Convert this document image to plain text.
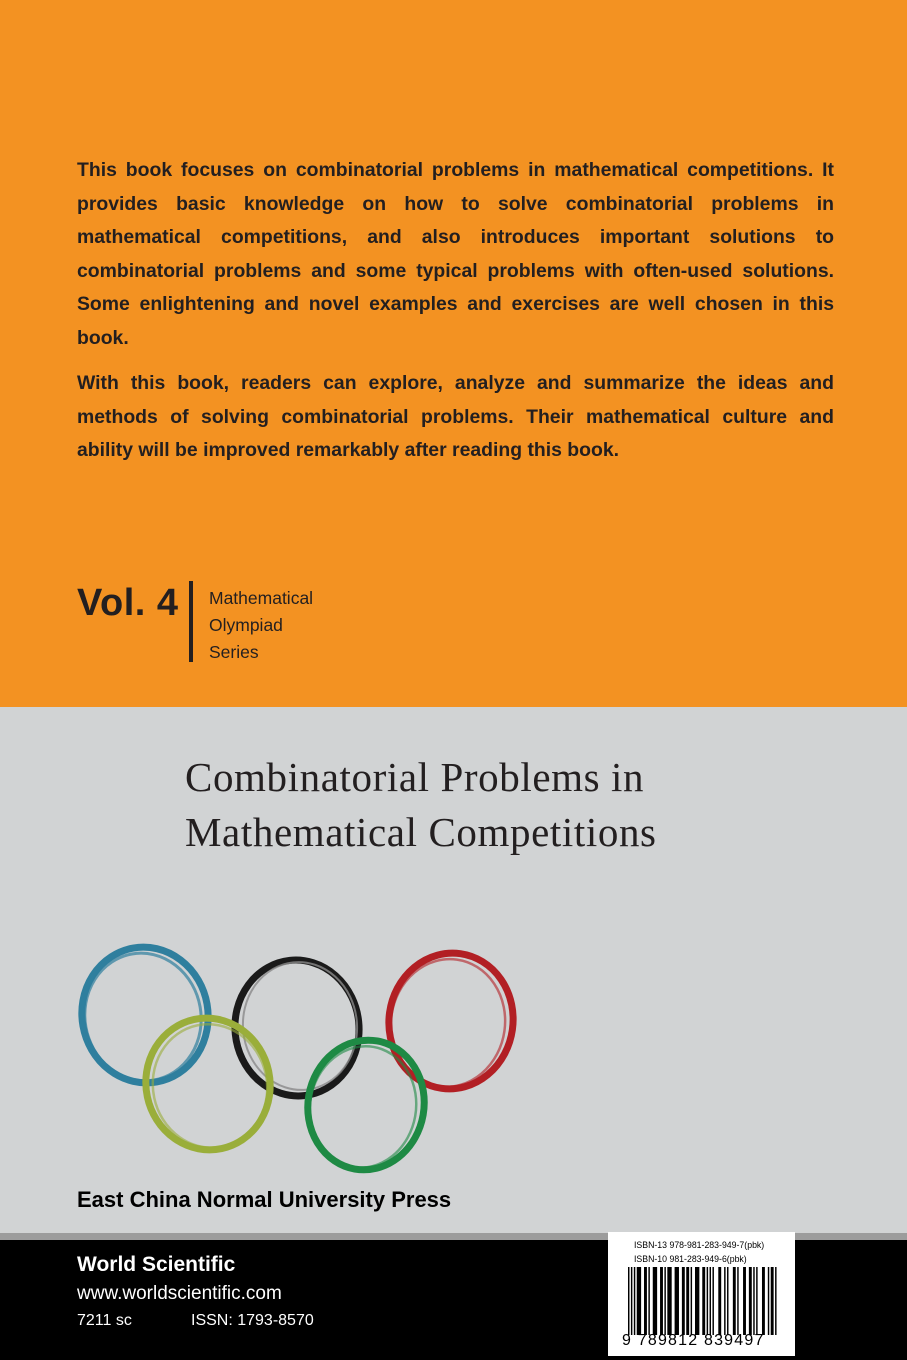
This book focuses on combinatorial problems in mathematical competitions. It provides basic knowledge on how to solve combinatorial problems in mathematical competitions, and also introduces important solutions to combinatorial problems and some typical problems with often-used solutions. Some enlightening and novel examples and exercises are well chosen in this book.

With this book, readers can explore, analyze and summarize the ideas and methods of solving combinatorial problems. Their mathematical culture and ability will be improved remarkably after reading this book.

Vol. 4 Mathematical
Olympiad
Series
Combinatorial Problems in
Mathematical Competitions
East China Normal University Press
World Scientific
www.worldscientific.com
7211 sc	ISSN: 1793-8570
ISBN-13 978-981-283-949-7(pbk)
ISBN-10 981-283-949-6(pbk)
9 789812 839497
